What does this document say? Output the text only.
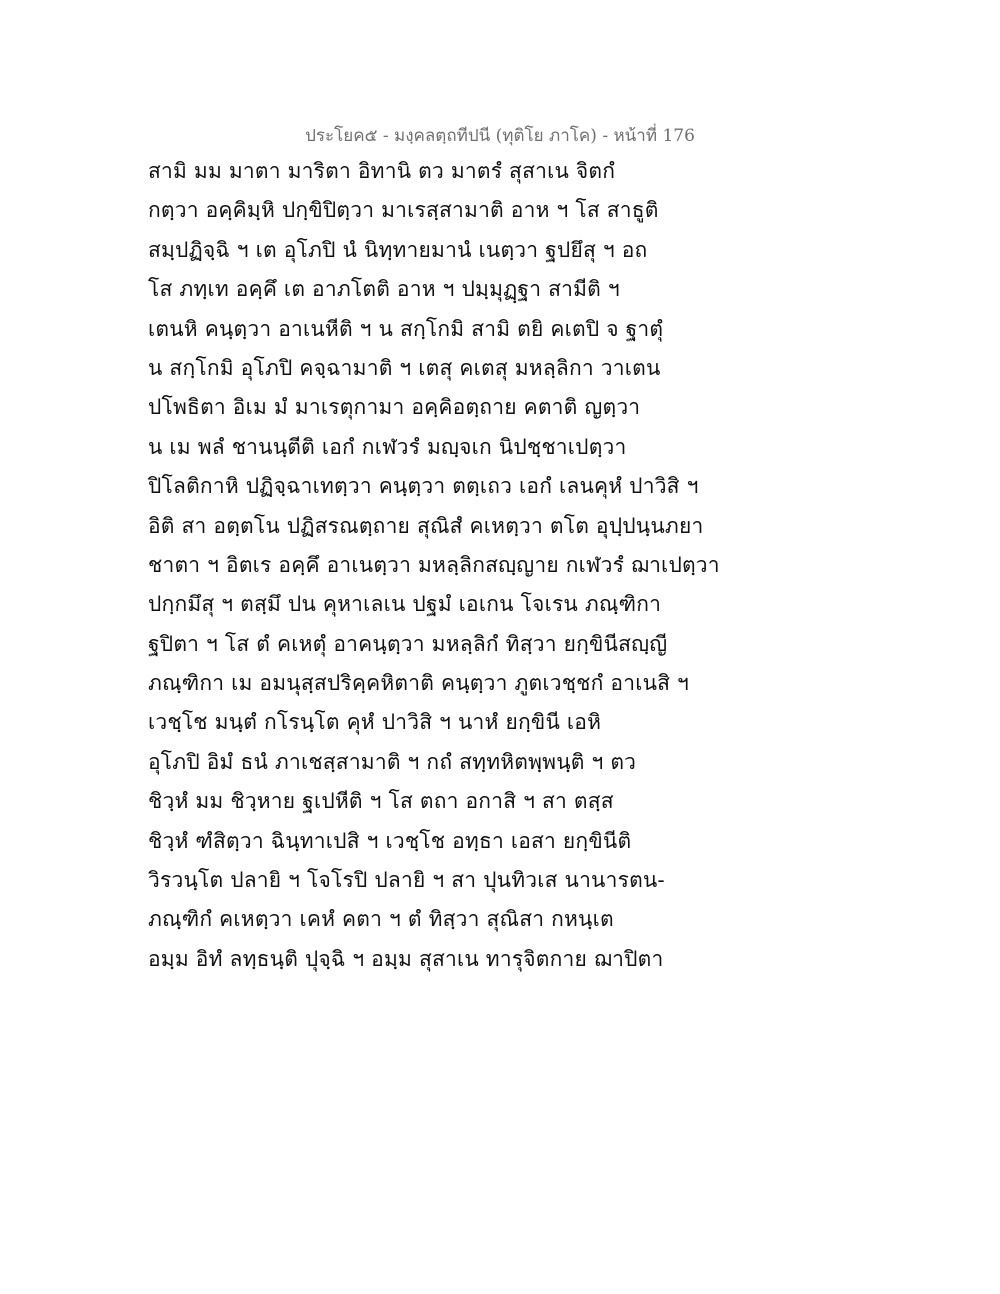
ประโยค๕ - มงฺคลตฺถทีปนี (ทุติโย ภาโค) - หน้าที่ 176
สามิ มม มาตา มาริตา อิทานิ ตว มาตรํ สุสาเน จิตกํ
กตฺวา อคฺคิมฺหิ ปกฺขิปิตฺวา มาเรสฺสามาติ อาห ฯ โส สาธูติ
สมฺปฏิจฺฉิ ฯ เต อุโภปิ นํ นิทฺทายมานํ เนตฺวา ฐปยึสุ ฯ อถ
โส ภทฺเท อคฺคึ เต อาภโตติ อาห ฯ ปมฺมุฏฺฐา สามีติ ฯ
เตนหิ คนฺตฺวา อาเนหีติ ฯ น สกฺโกมิ สามิ ตยิ คเตปิ จ ฐาตุํ
น สกฺโกมิ อุโภปิ คจฺฉามาติ ฯ เตสุ คเตสุ มหลฺลิกา วาเตน
ปโพธิตา อิเม มํ มาเรตุกามา อคฺคิอตฺถาย คตาติ ญตฺวา
น เม พลํ ชานนฺตีติ เอกํ กเฬวรํ มญฺจเก นิปชฺชาเปตฺวา
ปิโลติกาหิ ปฏิจฺฉาเทตฺวา คนฺตฺวา ตตฺเถว เอกํ เลนคุหํ ปาวิสิ ฯ
อิติ สา อตฺตโน ปฏิสรณตฺถาย สุณิสํ คเหตฺวา ตโต อุปฺปนฺนภยา
ชาตา ฯ อิตเร อคฺคึ อาเนตฺวา มหลฺลิกสญฺญาย กเฬวรํ ฌาเปตฺวา
ปกฺกมึสุ ฯ ตสฺมึ ปน คุหาเลเน ปฐมํ เอเกน โจเรน ภณฺฑิกา
ฐปิตา ฯ โส ตํ คเหตุํ อาคนฺตฺวา มหลฺลิกํ ทิสฺวา ยกฺขินีสญฺญี
ภณฺฑิกา เม อมนุสฺสปริคฺคหิตาติ คนฺตฺวา ภูตเวชฺชกํ อาเนสิ ฯ
เวชฺโช มนฺตํ กโรนฺโต คุหํ ปาวิสิ ฯ นาหํ ยกฺขินี เอหิ
อุโภปิ อิมํ ธนํ ภาเชสฺสามาติ ฯ กถํ สทฺทหิตพฺพนฺติ ฯ ตว
ชิวฺหํ มม ชิวฺหาย ฐเปหีติ ฯ โส ตถา อกาสิ ฯ สา ตสฺส
ชิวฺหํ ฑํสิตฺวา ฉินฺทาเปสิ ฯ เวชฺโช อทฺธา เอสา ยกฺขินีติ
วิรวนฺโต ปลายิ ฯ โจโรปิ ปลายิ ฯ สา ปุนทิวเส นานารตน-
ภณฺฑิกํ คเหตฺวา เคหํ คตา ฯ ตํ ทิสฺวา สุณิสา กหนฺเต
อมฺม อิทํ ลทฺธนฺติ ปุจฺฉิ ฯ อมฺม สุสาเน ทารุจิตกาย ฌาปิตา
